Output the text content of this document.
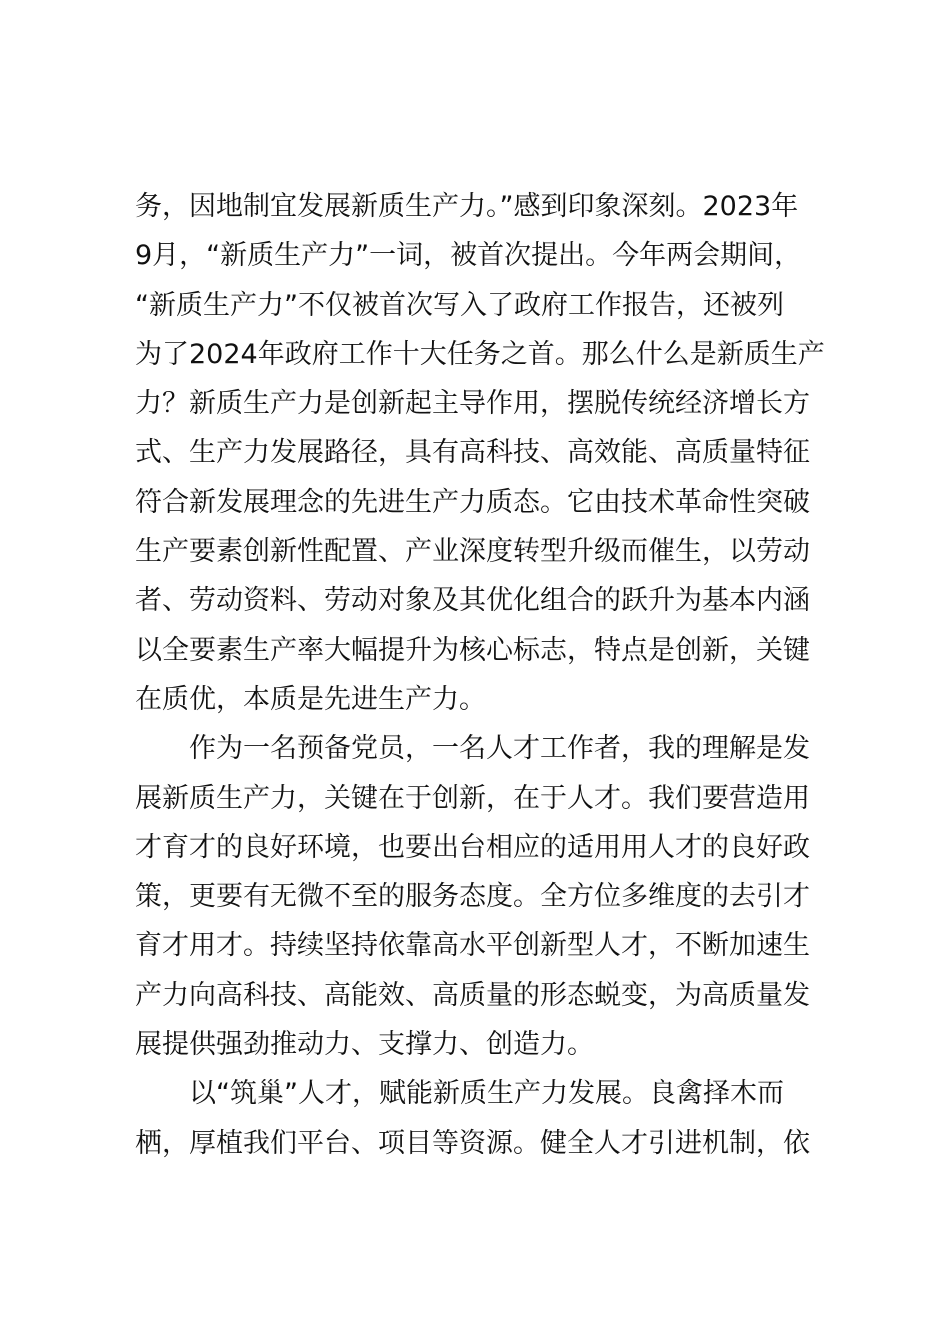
务，因地制宜发展新质生产力。”感到印象深刻。2023年
9月，“新质生产力”一词，被首次提出。今年两会期间，
“新质生产力”不仅被首次写入了政府工作报告，还被列
为了2024年政府工作十大任务之首。那么什么是新质生产
力？新质生产力是创新起主导作用，摆脱传统经济增长方
式、生产力发展路径，具有高科技、高效能、高质量特征
符合新发展理念的先进生产力质态。它由技术革命性突破
生产要素创新性配置、产业深度转型升级而催生，以劳动
者、劳动资料、劳动对象及其优化组合的跃升为基本内涵
以全要素生产率大幅提升为核心标志，特点是创新，关键
在质优，本质是先进生产力。
作为一名预备党员，一名人才工作者，我的理解是发
展新质生产力，关键在于创新，在于人才。我们要营造用
才育才的良好环境，也要出台相应的适用用人才的良好政
策，更要有无微不至的服务态度。全方位多维度的去引才
育才用才。持续坚持依靠高水平创新型人才，不断加速生
产力向高科技、高能效、高质量的形态蜕变，为高质量发
展提供强劲推动力、支撑力、创造力。
以“筑巢”人才，赋能新质生产力发展。良禽择木而
栖，厚植我们平台、项目等资源。健全人才引进机制，依
